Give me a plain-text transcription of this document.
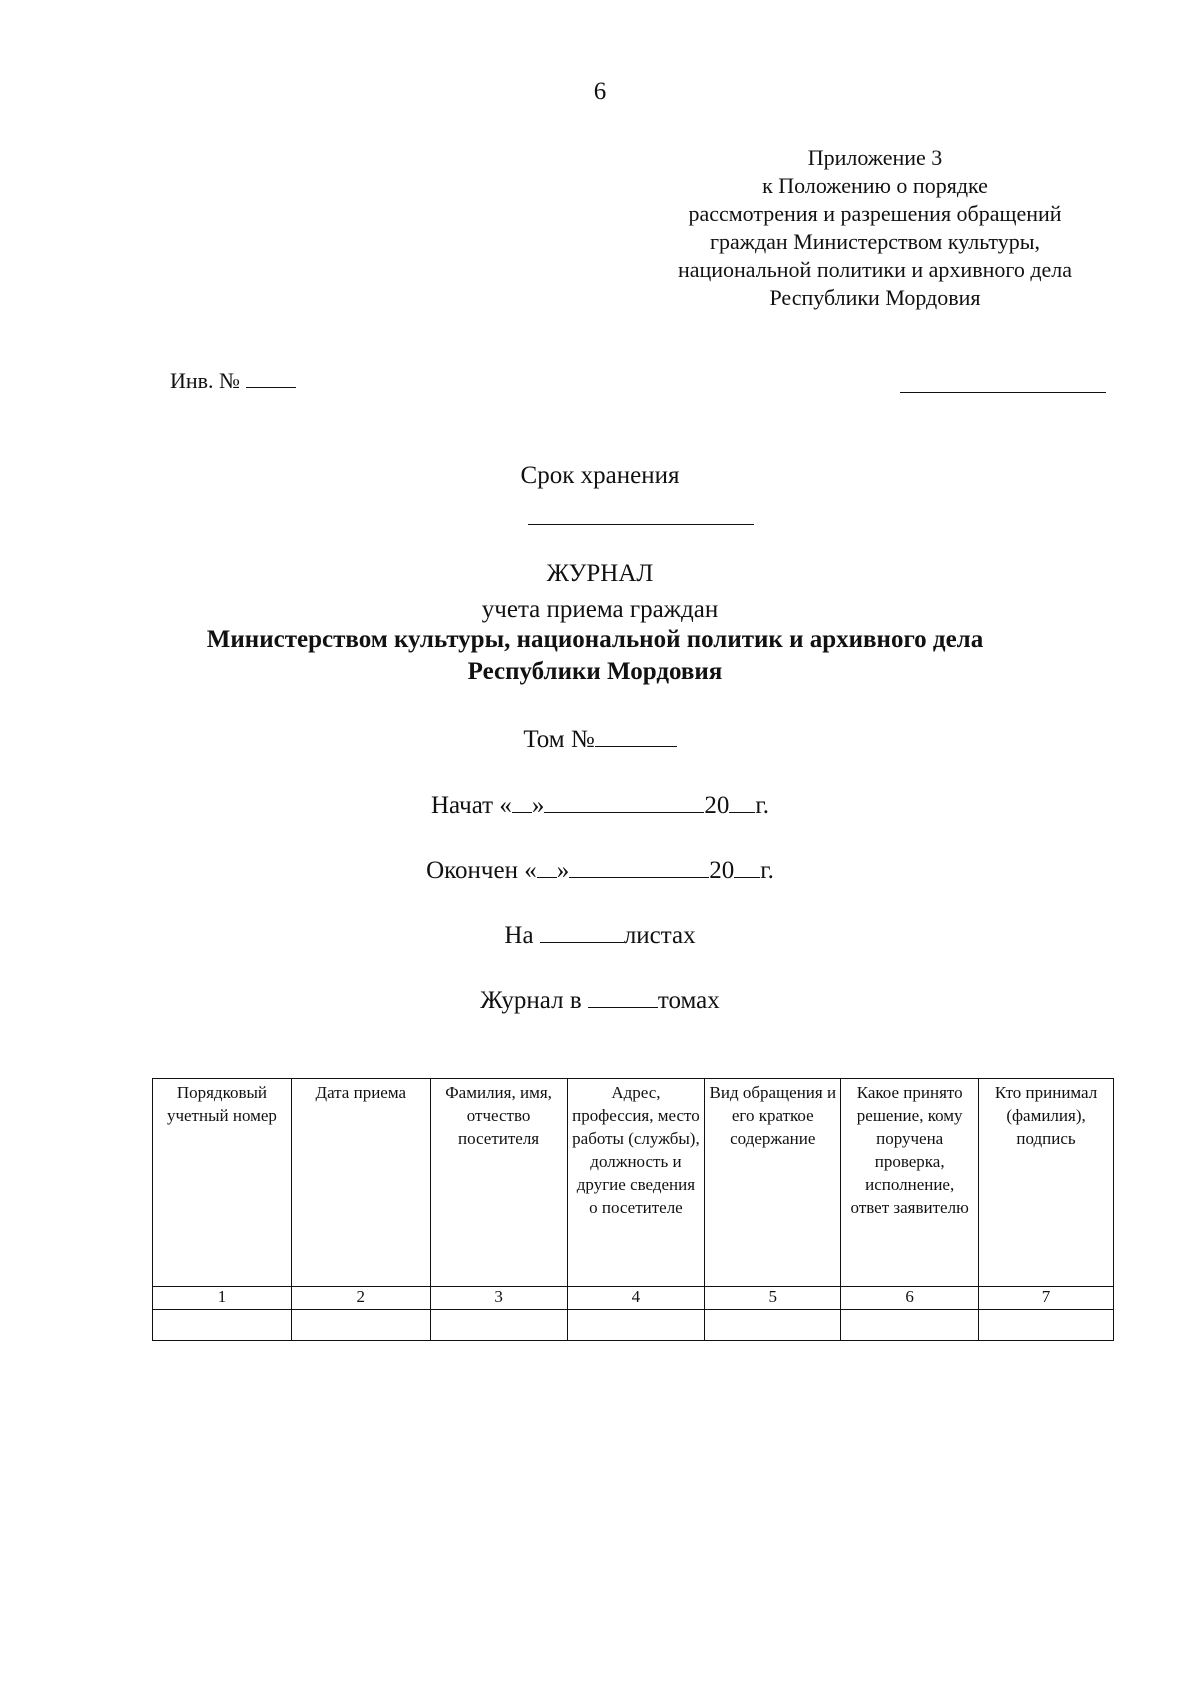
6
Приложение 3
к Положению о порядке
рассмотрения и разрешения обращений
граждан Министерством культуры,
национальной политики и архивного дела
Республики Мордовия
Инв. №
Срок хранения
ЖУРНАЛ
учета приема граждан
Министерством культуры, национальной политик и архивного дела
Республики Мордовия
Том №
Начат « »	20 г.
Окончен « »	20 г.
На	листах
Журнал в	томах
Порядковый учетный номер	Дата приема	Фамилия, имя, отчество посетителя	Адрес, профессия, место работы (службы), должность и другие сведения о посетителе	Вид обращения и его краткое содержание	Какое принято решение, кому поручена проверка, исполнение, ответ заявителю	Кто принимал (фамилия), подпись

1	2	3	4	5	6	7
